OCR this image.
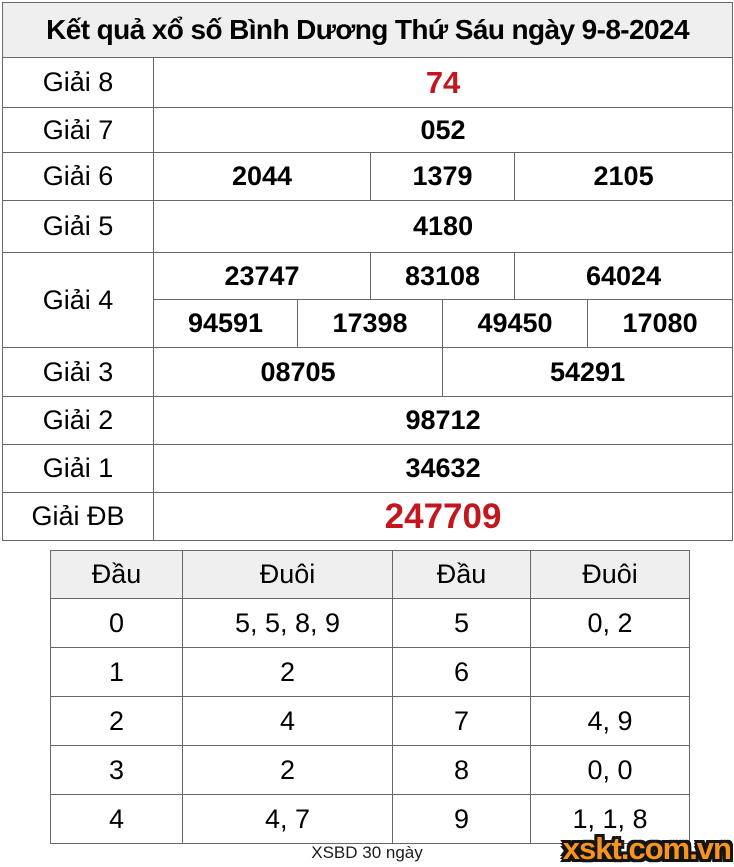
Kết quả xổ số Bình Dương Thứ Sáu ngày 9-8-2024						
Giải 8	74					
Giải 7	052					
Giải 6	2044		1379		2105	
Giải 5	4180					
Giải 4	23747		83108		64024	
	94591	17398		49450		17080
Giải 3	08705			54291		
Giải 2	98712					
Giải 1	34632					
Giải ĐB	247709					
Đầu	Đuôi	Đầu	Đuôi
0	5, 5, 8, 9	5	0, 2
1	2	6	
2	4	7	4, 9
3	2	8	0, 0
4	4, 7	9	1, 1, 8
XSBD 30 ngày	xskt.com.vn
